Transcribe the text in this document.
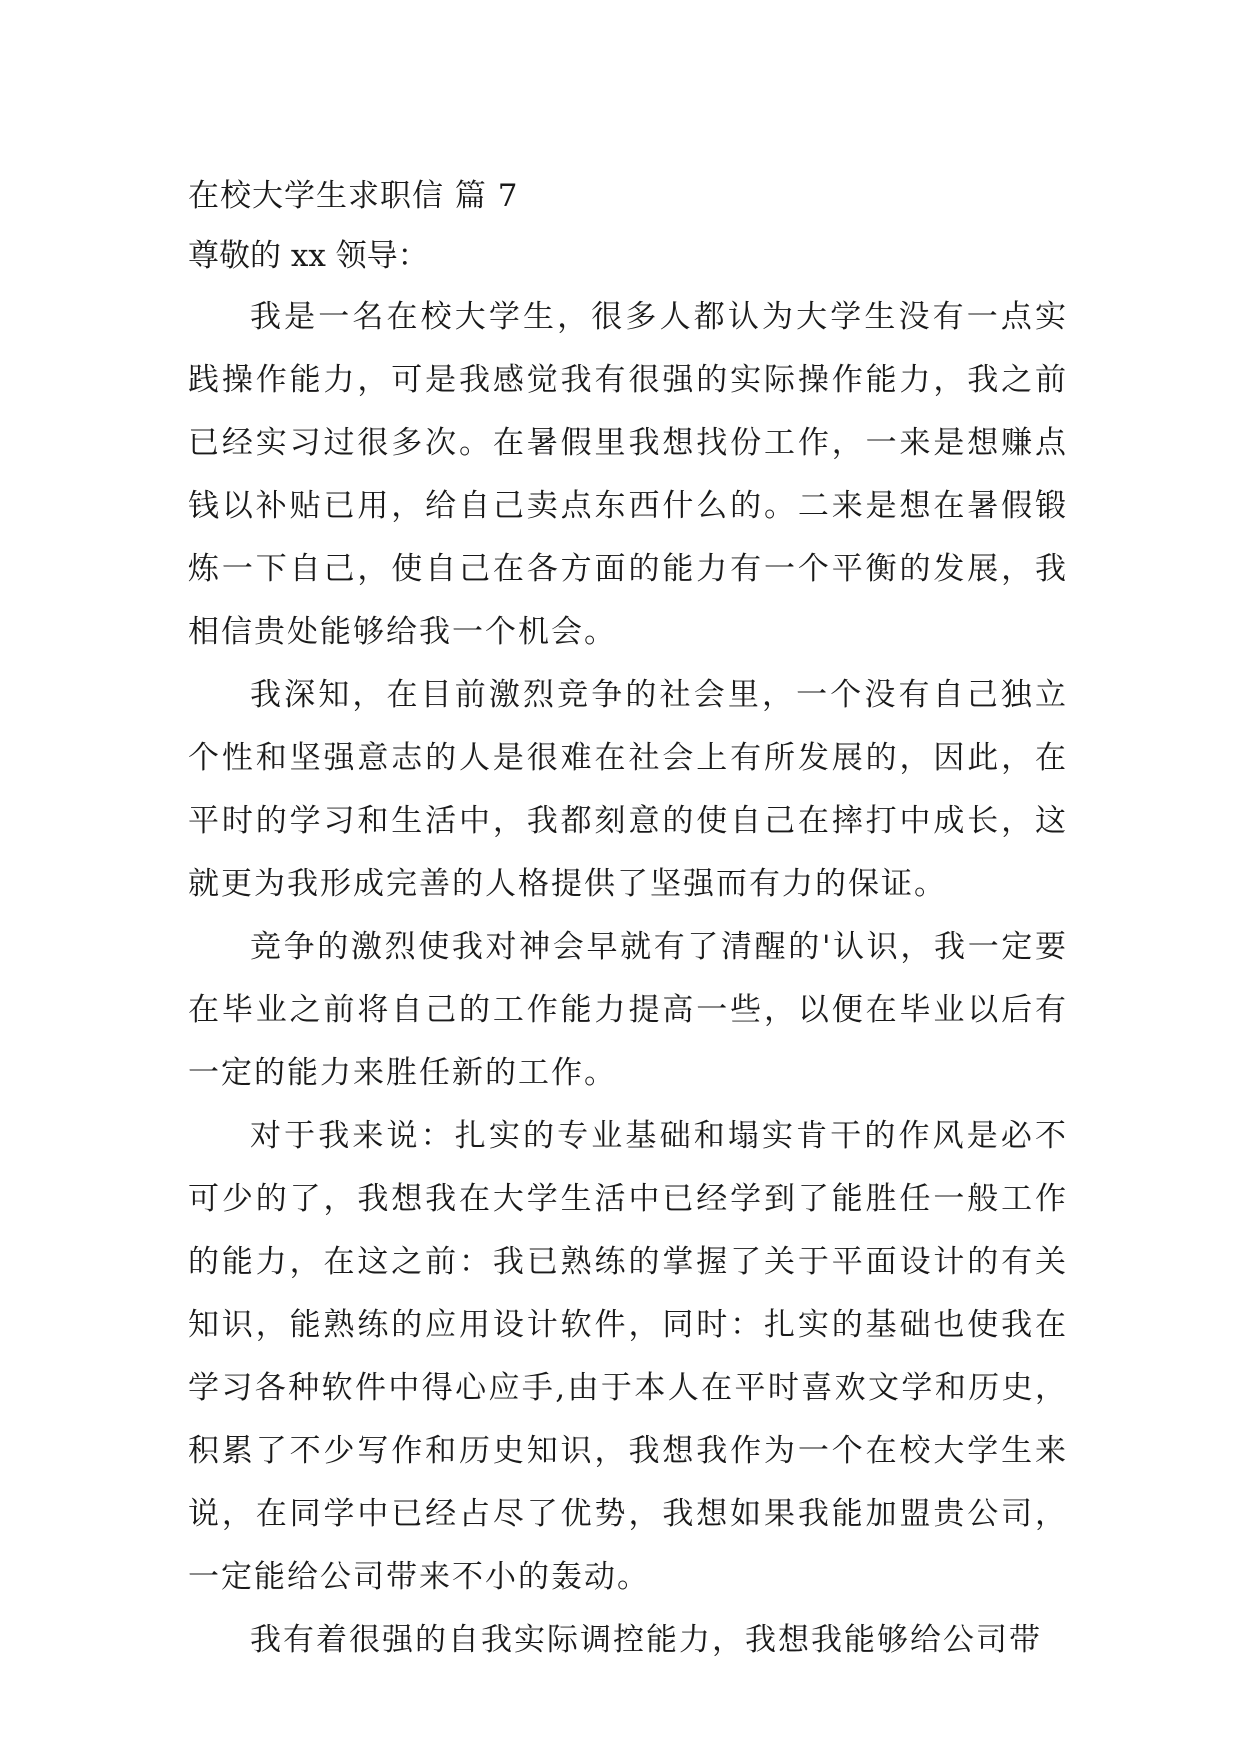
在校大学生求职信 篇 7

尊敬的 xx 领导：

我是一名在校大学生，很多人都认为大学生没有一点实践操作能力，可是我感觉我有很强的实际操作能力，我之前已经实习过很多次。在暑假里我想找份工作，一来是想赚点钱以补贴已用，给自己卖点东西什么的。二来是想在暑假锻炼一下自己，使自己在各方面的能力有一个平衡的发展，我相信贵处能够给我一个机会。

我深知，在目前激烈竞争的社会里，一个没有自己独立个性和坚强意志的人是很难在社会上有所发展的，因此，在平时的学习和生活中，我都刻意的使自己在摔打中成长，这就更为我形成完善的人格提供了坚强而有力的保证。

竞争的激烈使我对神会早就有了清醒的'认识，我一定要在毕业之前将自己的工作能力提高一些，以便在毕业以后有一定的能力来胜任新的工作。

对于我来说：扎实的专业基础和塌实肯干的作风是必不可少的了，我想我在大学生活中已经学到了能胜任一般工作的能力，在这之前：我已熟练的掌握了关于平面设计的有关知识，能熟练的应用设计软件，同时：扎实的基础也使我在学习各种软件中得心应手,由于本人在平时喜欢文学和历史，积累了不少写作和历史知识，我想我作为一个在校大学生来说，在同学中已经占尽了优势，我想如果我能加盟贵公司，一定能给公司带来不小的轰动。

我有着很强的自我实际调控能力，我想我能够给公司带
